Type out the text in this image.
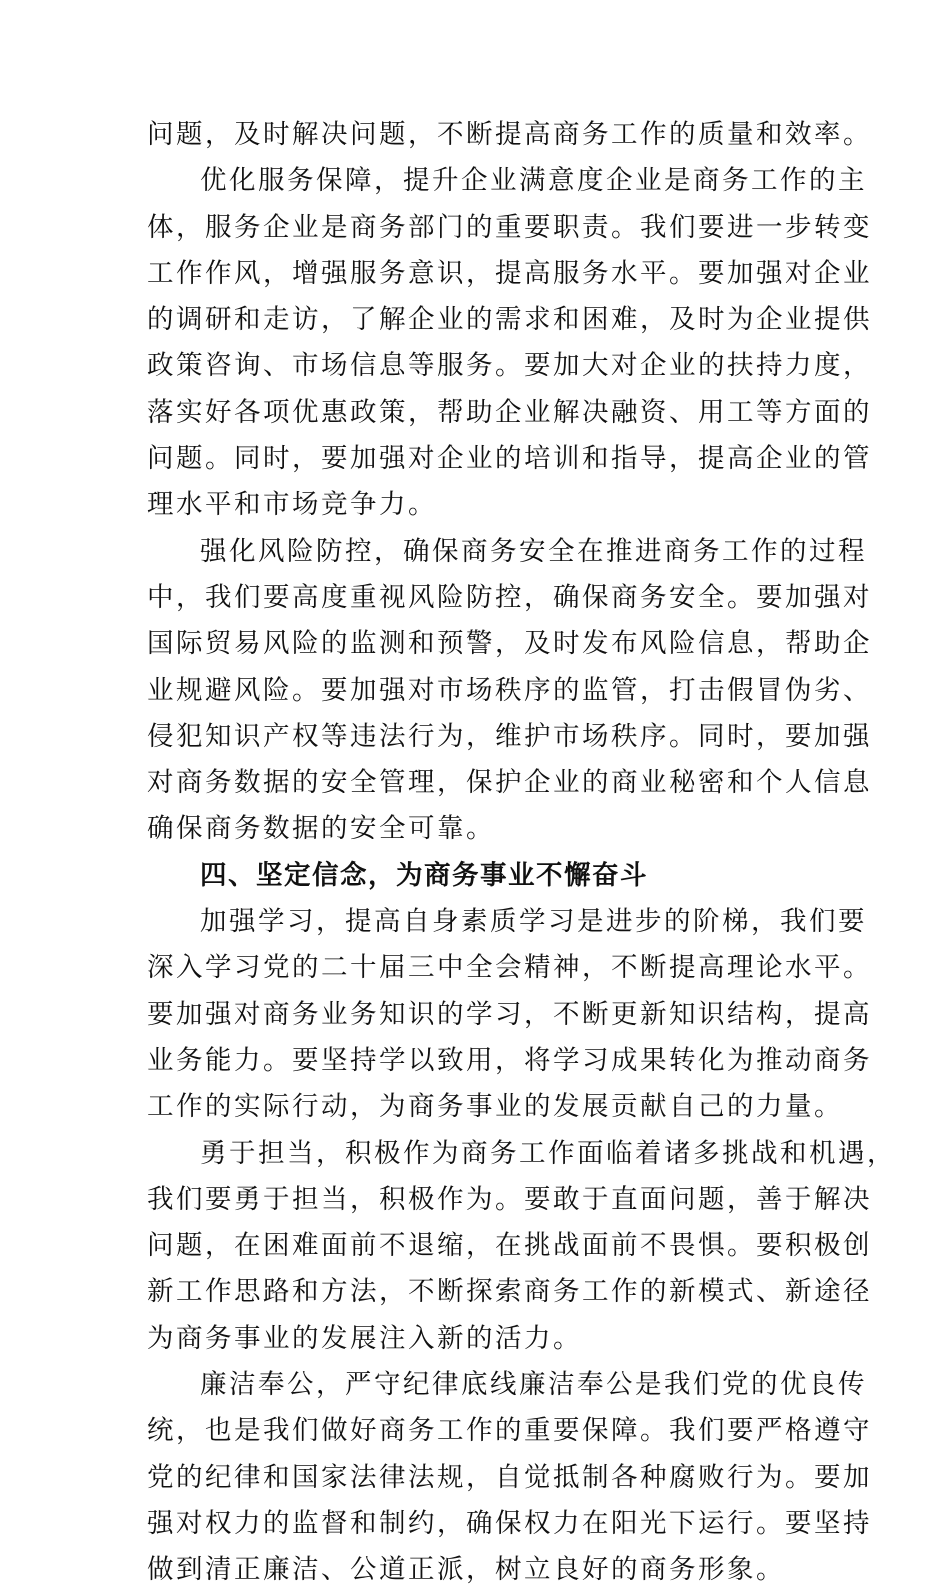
问题，及时解决问题，不断提高商务工作的质量和效率。
优化服务保障，提升企业满意度企业是商务工作的主
体，服务企业是商务部门的重要职责。我们要进一步转变
工作作风，增强服务意识，提高服务水平。要加强对企业
的调研和走访，了解企业的需求和困难，及时为企业提供
政策咨询、市场信息等服务。要加大对企业的扶持力度，
落实好各项优惠政策，帮助企业解决融资、用工等方面的
问题。同时，要加强对企业的培训和指导，提高企业的管
理水平和市场竞争力。
强化风险防控，确保商务安全在推进商务工作的过程
中，我们要高度重视风险防控，确保商务安全。要加强对
国际贸易风险的监测和预警，及时发布风险信息，帮助企
业规避风险。要加强对市场秩序的监管，打击假冒伪劣、
侵犯知识产权等违法行为，维护市场秩序。同时，要加强
对商务数据的安全管理，保护企业的商业秘密和个人信息
确保商务数据的安全可靠。
四、坚定信念，为商务事业不懈奋斗
加强学习，提高自身素质学习是进步的阶梯，我们要
深入学习党的二十届三中全会精神，不断提高理论水平。
要加强对商务业务知识的学习，不断更新知识结构，提高
业务能力。要坚持学以致用，将学习成果转化为推动商务
工作的实际行动，为商务事业的发展贡献自己的力量。
勇于担当，积极作为商务工作面临着诸多挑战和机遇，
我们要勇于担当，积极作为。要敢于直面问题，善于解决
问题，在困难面前不退缩，在挑战面前不畏惧。要积极创
新工作思路和方法，不断探索商务工作的新模式、新途径
为商务事业的发展注入新的活力。
廉洁奉公，严守纪律底线廉洁奉公是我们党的优良传
统，也是我们做好商务工作的重要保障。我们要严格遵守
党的纪律和国家法律法规，自觉抵制各种腐败行为。要加
强对权力的监督和制约，确保权力在阳光下运行。要坚持
做到清正廉洁、公道正派，树立良好的商务形象。
